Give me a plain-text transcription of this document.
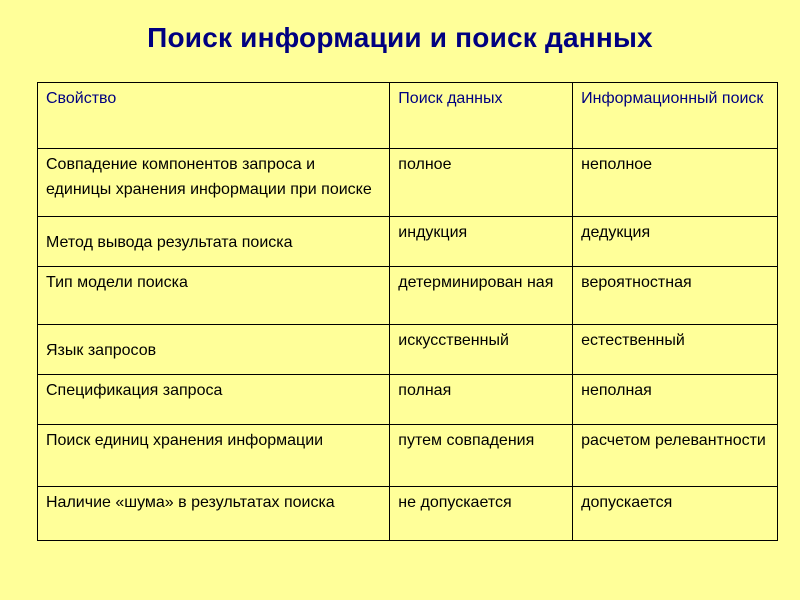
Поиск информации и поиск данных
Свойство	Поиск данных	Информационный поиск
Совпадение компонентов запроса и единицы хранения информации при поиске	полное	неполное
Метод вывода результата поиска	индукция	дедукция
Тип модели поиска	детерминирован ная	вероятностная
Язык запросов	искусственный	естественный
Спецификация запроса	полная	неполная
Поиск единиц хранения информации	путем совпадения	расчетом релевантности
Наличие «шума» в результатах поиска	не допускается	допускается
